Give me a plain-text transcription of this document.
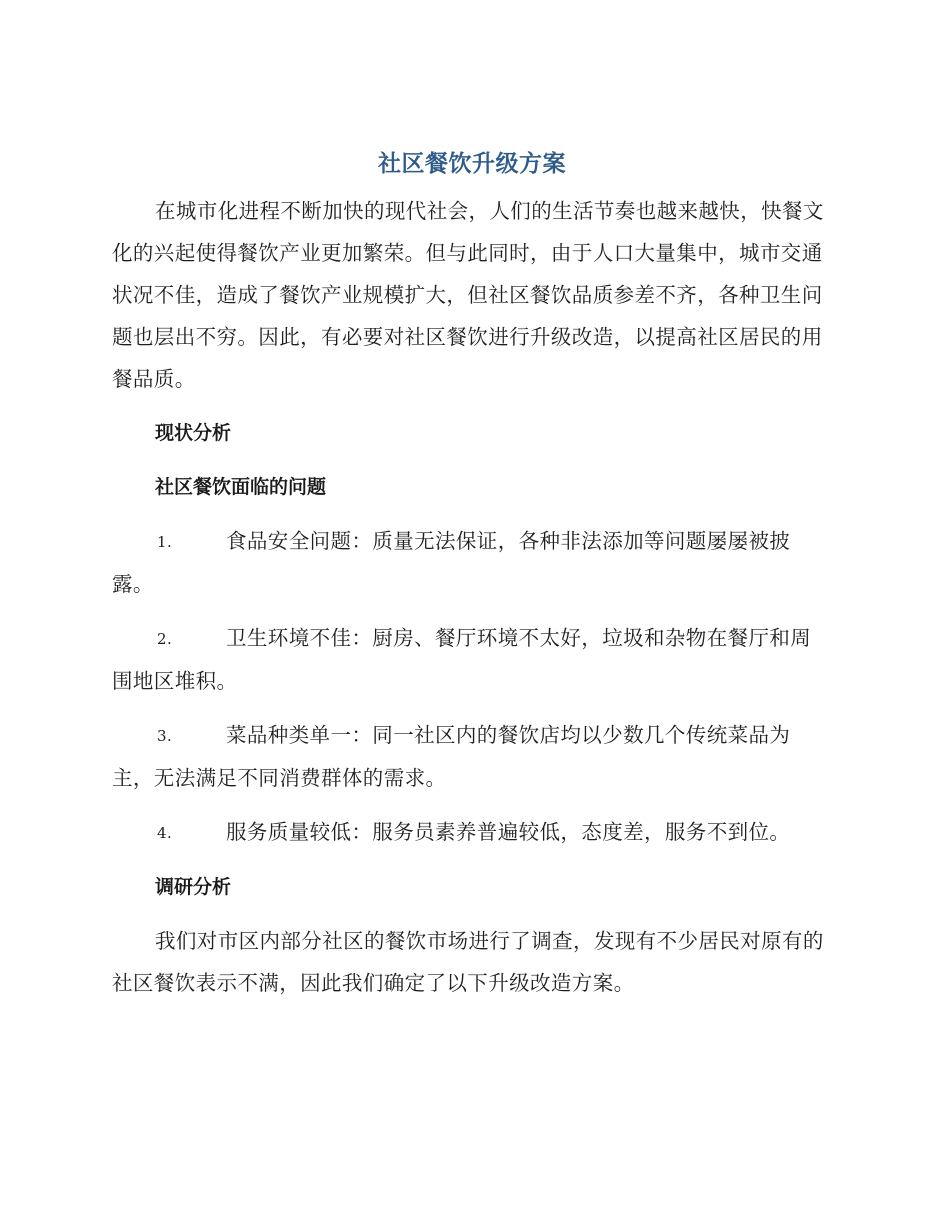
社区餐饮升级方案

在城市化进程不断加快的现代社会，人们的生活节奏也越来越快，快餐文化的兴起使得餐饮产业更加繁荣。但与此同时，由于人口大量集中，城市交通状况不佳，造成了餐饮产业规模扩大，但社区餐饮品质参差不齐，各种卫生问题也层出不穷。因此，有必要对社区餐饮进行升级改造，以提高社区居民的用餐品质。

现状分析
社区餐饮面临的问题
1.	食品安全问题：质量无法保证，各种非法添加等问题屡屡被披露。
2.	卫生环境不佳：厨房、餐厅环境不太好，垃圾和杂物在餐厅和周围地区堆积。
3.	菜品种类单一：同一社区内的餐饮店均以少数几个传统菜品为主，无法满足不同消费群体的需求。
4.	服务质量较低：服务员素养普遍较低，态度差，服务不到位。
调研分析

我们对市区内部分社区的餐饮市场进行了调查，发现有不少居民对原有的社区餐饮表示不满，因此我们确定了以下升级改造方案。
